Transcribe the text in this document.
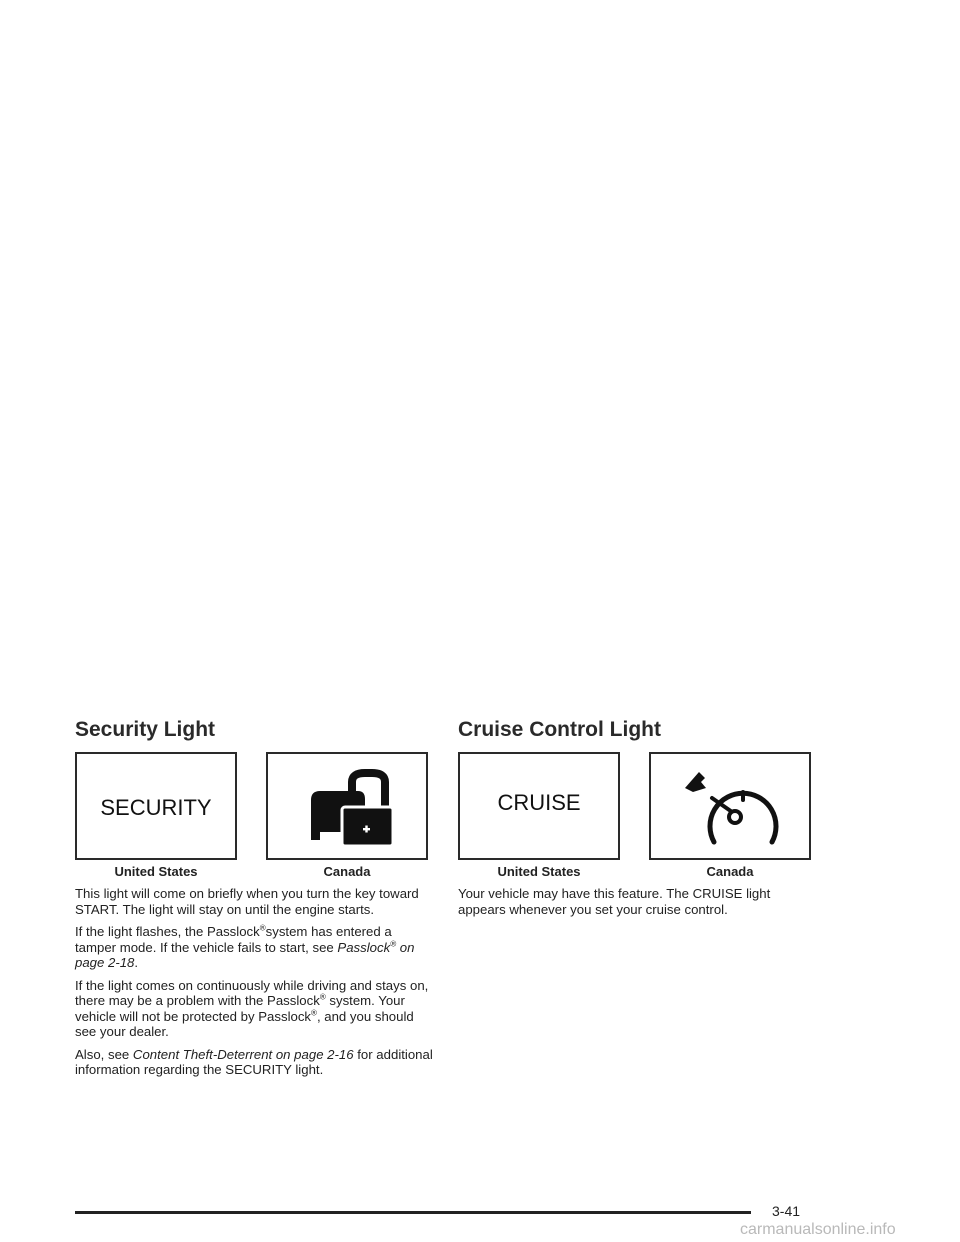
Security Light
SECURITY
United States	Canada

This light will come on briefly when you turn the key toward START. The light will stay on until the engine starts.

If the light flashes, the Passlock®system has entered a tamper mode. If the vehicle fails to start, see Passlock® on page 2-18.

If the light comes on continuously while driving and stays on, there may be a problem with the Passlock® system. Your vehicle will not be protected by Passlock®, and you should see your dealer.

Also, see Content Theft-Deterrent on page 2-16 for additional information regarding the SECURITY light.

Cruise Control Light
CRUISE
United States	Canada

Your vehicle may have this feature. The CRUISE light appears whenever you set your cruise control.

3-41
carmanualsonline.info
